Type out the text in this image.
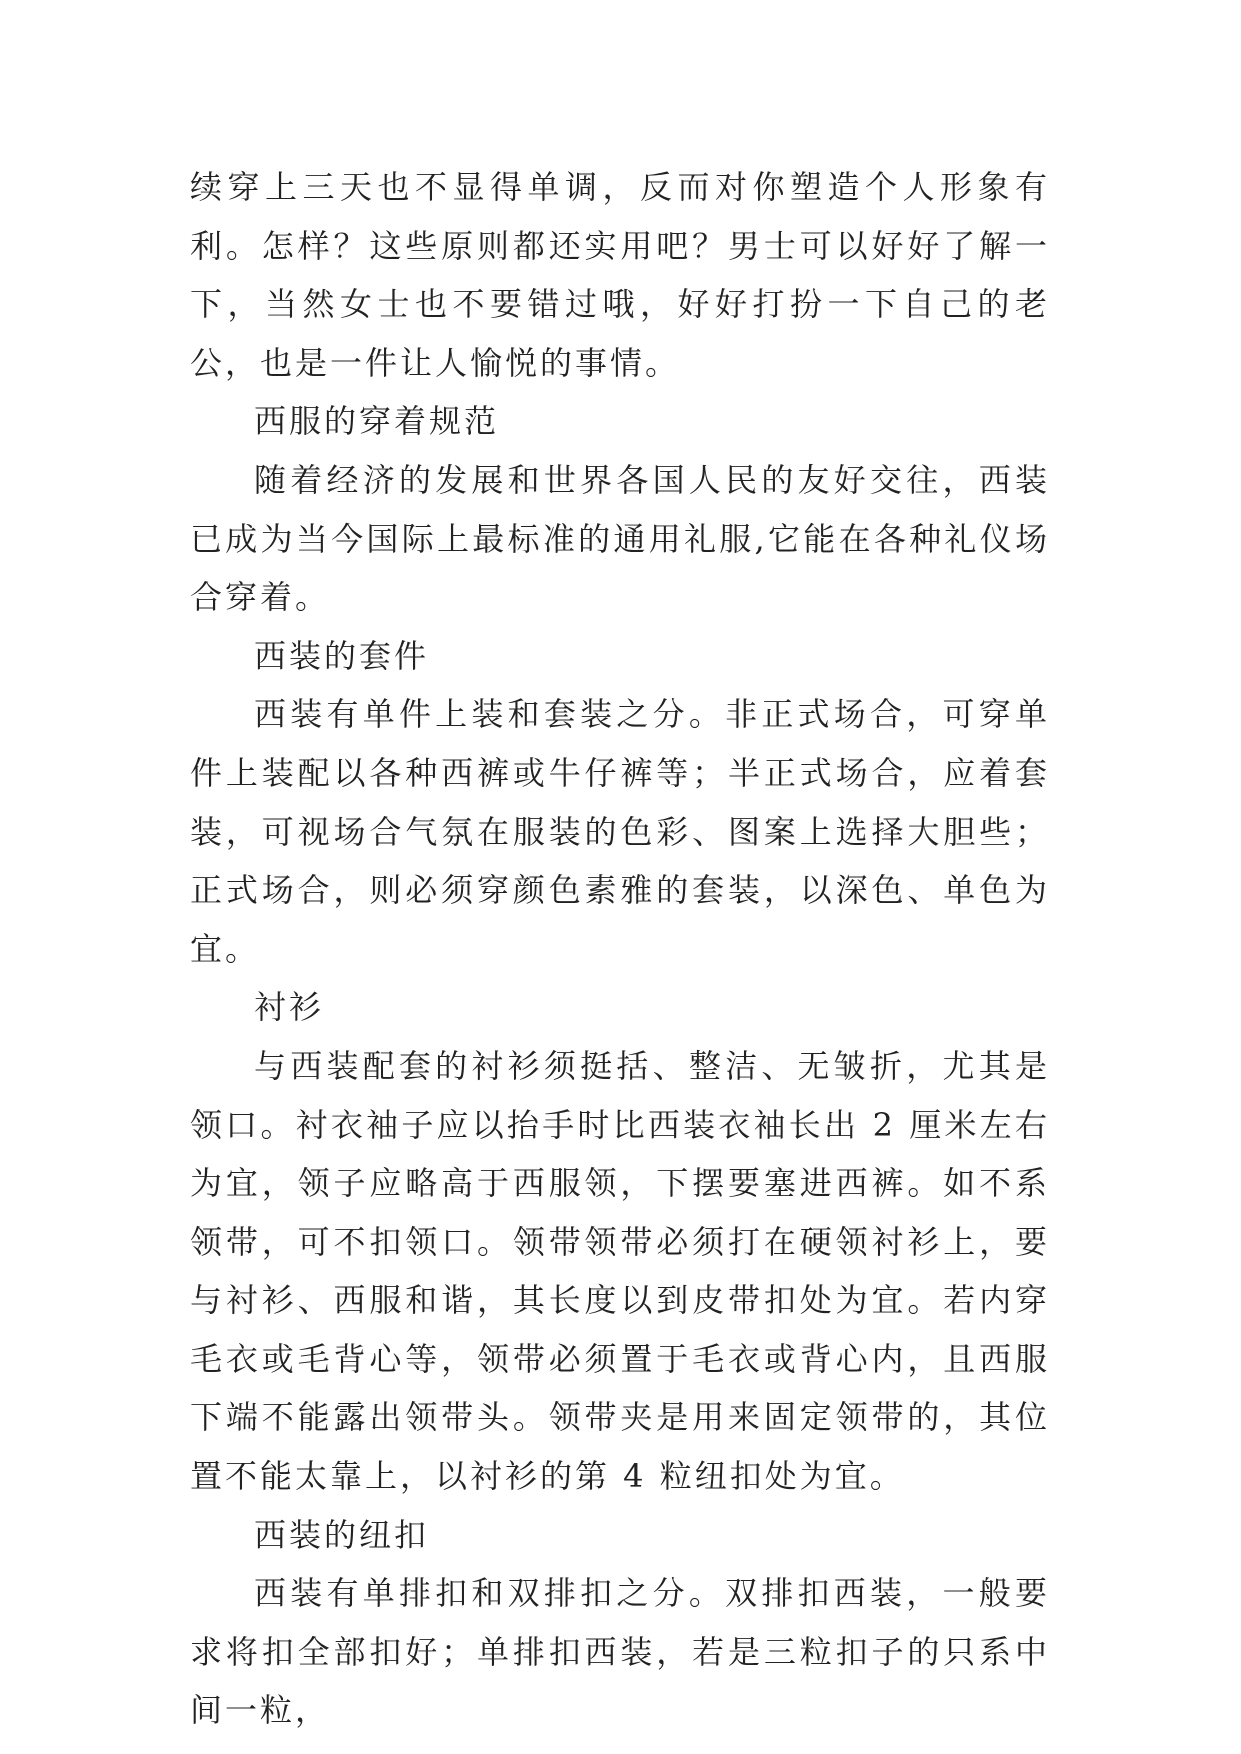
续穿上三天也不显得单调，反而对你塑造个人形象有利。怎样？这些原则都还实用吧？男士可以好好了解一下，当然女士也不要错过哦，好好打扮一下自己的老公，也是一件让人愉悦的事情。

西服的穿着规范

随着经济的发展和世界各国人民的友好交往，西装已成为当今国际上最标准的通用礼服,它能在各种礼仪场合穿着。

西装的套件

西装有单件上装和套装之分。非正式场合，可穿单件上装配以各种西裤或牛仔裤等；半正式场合，应着套装，可视场合气氛在服装的色彩、图案上选择大胆些；正式场合，则必须穿颜色素雅的套装，以深色、单色为宜。

衬衫

与西装配套的衬衫须挺括、整洁、无皱折，尤其是领口。衬衣袖子应以抬手时比西装衣袖长出 2 厘米左右为宜，领子应略高于西服领，下摆要塞进西裤。如不系领带，可不扣领口。领带领带必须打在硬领衬衫上，要与衬衫、西服和谐，其长度以到皮带扣处为宜。若内穿毛衣或毛背心等，领带必须置于毛衣或背心内，且西服下端不能露出领带头。领带夹是用来固定领带的，其位置不能太靠上，以衬衫的第 4 粒纽扣处为宜。

西装的纽扣

西装有单排扣和双排扣之分。双排扣西装，一般要求将扣全部扣好；单排扣西装，若是三粒扣子的只系中间一粒，
